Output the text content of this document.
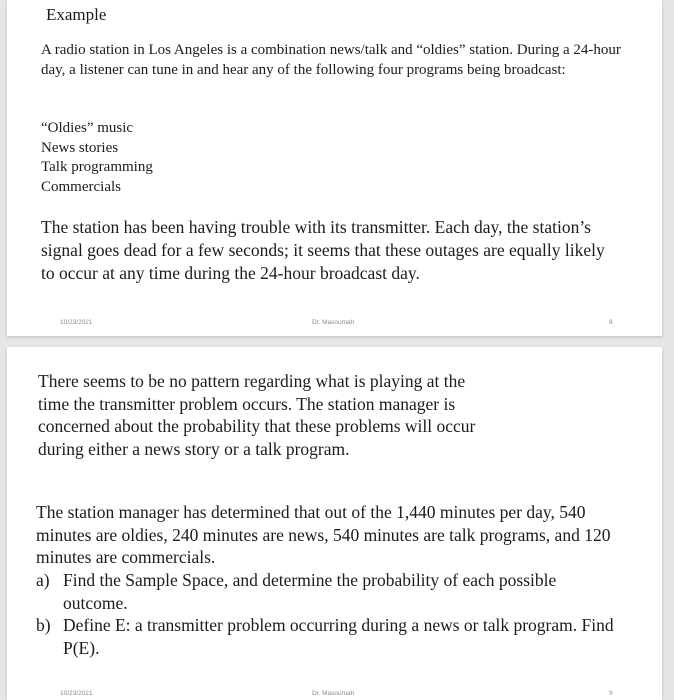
Example

A radio station in Los Angeles is a combination news/talk and “oldies” station. During a 24-hour day, a listener can tune in and hear any of the following four programs being broadcast:

“Oldies” music
News stories
Talk programming
Commercials

The station has been having trouble with its transmitter. Each day, the station’s signal goes dead for a few seconds; it seems that these outages are equally likely to occur at any time during the 24-hour broadcast day.

10/23/2021	Dr. Masoumah	8

There seems to be no pattern regarding what is playing at the time the transmitter problem occurs. The station manager is concerned about the probability that these problems will occur during either a news story or a talk program.

The station manager has determined that out of the 1,440 minutes per day, 540 minutes are oldies, 240 minutes are news, 540 minutes are talk programs, and 120 minutes are commercials.

a) Find the Sample Space, and determine the probability of each possible outcome.
b) Define E: a transmitter problem occurring during a news or talk program. Find P(E).
10/23/2021	Dr. Masoumah	9
